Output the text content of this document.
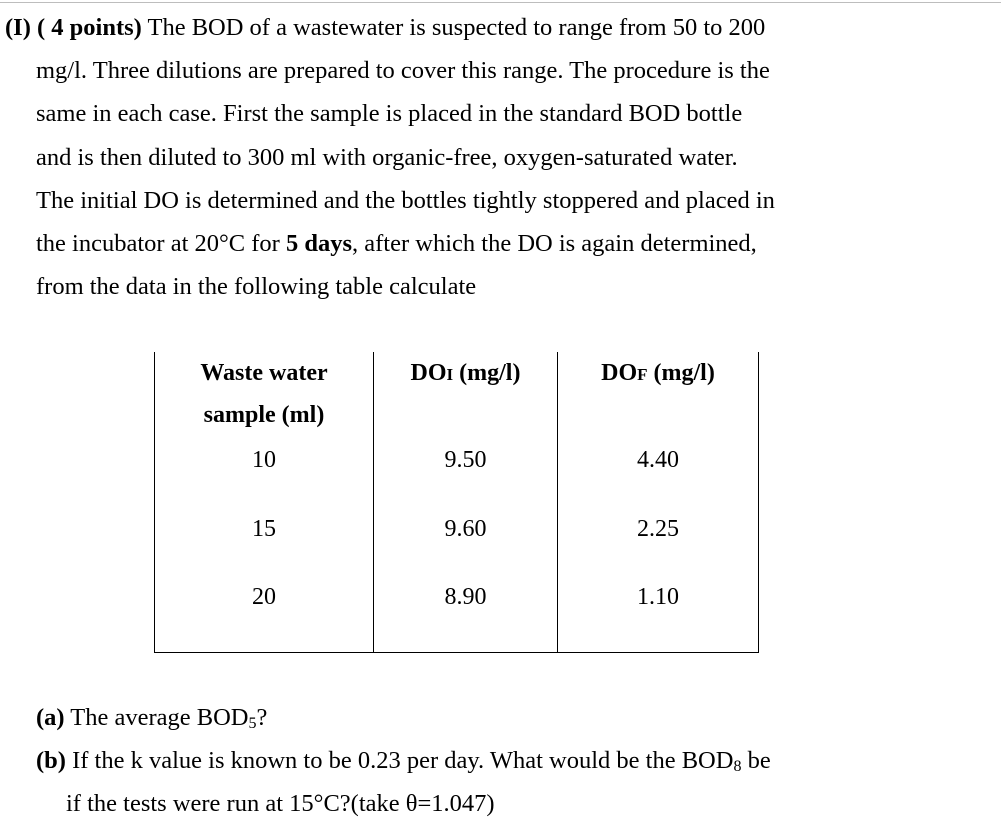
(I) ( 4 points) The BOD of a wastewater is suspected to range from 50 to 200
mg/l. Three dilutions are prepared to cover this range. The procedure is the
same in each case. First the sample is placed in the standard BOD bottle
and is then diluted to 300 ml with organic-free, oxygen-saturated water.
The initial DO is determined and the bottles tightly stoppered and placed in
the incubator at 20°C for 5 days, after which the DO is again determined,
from the data in the following table calculate
Waste water
sample (ml)	DOI (mg/l)	DOF (mg/l)

10	9.50	4.40

15	9.60	2.25

20	8.90	1.10
(a) The average $BOD_5$?
(b) If the k value is known to be 0.23 per day. What would be the $BOD_8$ be
if the tests were run at 15°C?(take θ=1.047)
